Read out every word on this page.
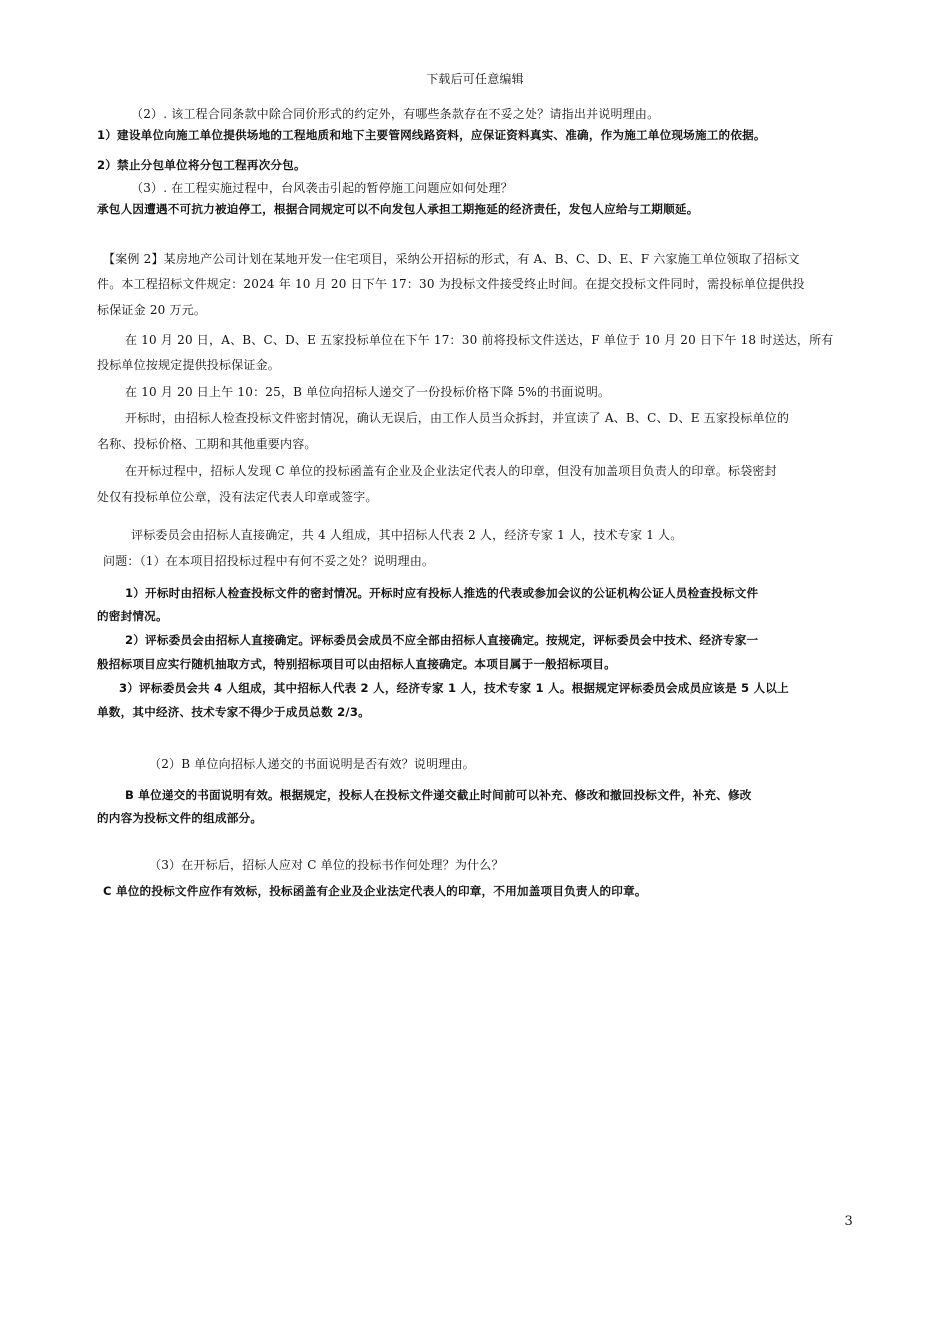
下载后可任意编辑
（2）. 该工程合同条款中除合同价形式的约定外，有哪些条款存在不妥之处？请指出并说明理由。
1）建设单位向施工单位提供场地的工程地质和地下主要管网线路资料，应保证资料真实、准确，作为施工单位现场施工的依据。
2）禁止分包单位将分包工程再次分包。
（3）. 在工程实施过程中，台风袭击引起的暂停施工问题应如何处理？
承包人因遭遇不可抗力被迫停工，根据合同规定可以不向发包人承担工期拖延的经济责任，发包人应给与工期顺延。
【案例 2】某房地产公司计划在某地开发一住宅项目，采纳公开招标的形式，有 A、B、C、D、E、F 六家施工单位领取了招标文
件。本工程招标文件规定：2024 年 10 月 20 日下午 17：30 为投标文件接受终止时间。在提交投标文件同时，需投标单位提供投
标保证金 20 万元。
在 10 月 20 日，A、B、C、D、E 五家投标单位在下午 17：30 前将投标文件送达，F 单位于 10 月 20 日下午 18 时送达，所有
投标单位按规定提供投标保证金。
在 10 月 20 日上午 10：25，B 单位向招标人递交了一份投标价格下降 5%的书面说明。
开标时，由招标人检查投标文件密封情况，确认无误后，由工作人员当众拆封，并宣读了 A、B、C、D、E 五家投标单位的
名称、投标价格、工期和其他重要内容。
在开标过程中，招标人发现 C 单位的投标函盖有企业及企业法定代表人的印章，但没有加盖项目负责人的印章。标袋密封
处仅有投标单位公章，没有法定代表人印章或签字。
评标委员会由招标人直接确定，共 4 人组成，其中招标人代表 2 人，经济专家 1 人，技术专家 1 人。
问题：（1）在本项目招投标过程中有何不妥之处？说明理由。
1）开标时由招标人检查投标文件的密封情况。开标时应有投标人推选的代表或参加会议的公证机构公证人员检查投标文件
的密封情况。
2）评标委员会由招标人直接确定。评标委员会成员不应全部由招标人直接确定。按规定，评标委员会中技术、经济专家一
般招标项目应实行随机抽取方式，特别招标项目可以由招标人直接确定。本项目属于一般招标项目。
3）评标委员会共 4 人组成，其中招标人代表 2 人，经济专家 1 人，技术专家 1 人。根据规定评标委员会成员应该是 5 人以上
单数，其中经济、技术专家不得少于成员总数 2/3。
（2）B 单位向招标人递交的书面说明是否有效？说明理由。
B 单位递交的书面说明有效。根据规定，投标人在投标文件递交截止时间前可以补充、修改和撤回投标文件，补充、修改
的内容为投标文件的组成部分。
（3）在开标后，招标人应对 C 单位的投标书作何处理？为什么？
C 单位的投标文件应作有效标，投标函盖有企业及企业法定代表人的印章，不用加盖项目负责人的印章。
3
